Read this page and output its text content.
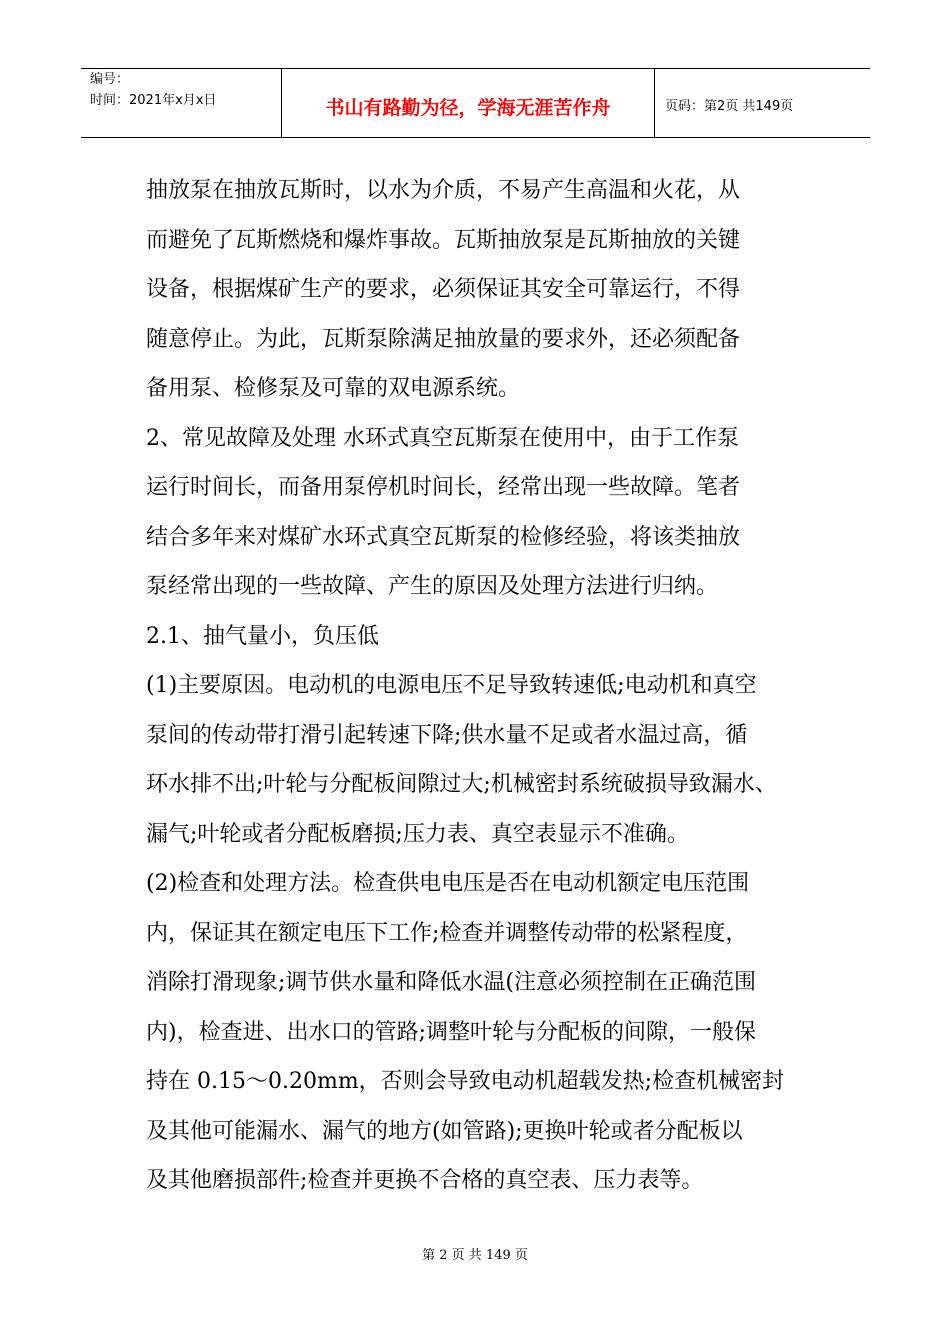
编号：
时间：2021年x月x日	书山有路勤为径，学海无涯苦作舟	页码：第2页 共149页

抽放泵在抽放瓦斯时，以水为介质，不易产生高温和火花，从

而避免了瓦斯燃烧和爆炸事故。瓦斯抽放泵是瓦斯抽放的关键

设备，根据煤矿生产的要求，必须保证其安全可靠运行，不得

随意停止。为此，瓦斯泵除满足抽放量的要求外，还必须配备

备用泵、检修泵及可靠的双电源系统。

2、常见故障及处理 水环式真空瓦斯泵在使用中，由于工作泵

运行时间长，而备用泵停机时间长，经常出现一些故障。笔者

结合多年来对煤矿水环式真空瓦斯泵的检修经验，将该类抽放

泵经常出现的一些故障、产生的原因及处理方法进行归纳。

2.1、抽气量小，负压低

(1)主要原因。电动机的电源电压不足导致转速低;电动机和真空

泵间的传动带打滑引起转速下降;供水量不足或者水温过高，循

环水排不出;叶轮与分配板间隙过大;机械密封系统破损导致漏水、

漏气;叶轮或者分配板磨损;压力表、真空表显示不准确。

(2)检查和处理方法。检查供电电压是否在电动机额定电压范围

内，保证其在额定电压下工作;检查并调整传动带的松紧程度，

消除打滑现象;调节供水量和降低水温(注意必须控制在正确范围

内)，检查进、出水口的管路;调整叶轮与分配板的间隙，一般保

持在 0.15～0.20mm，否则会导致电动机超载发热;检查机械密封

及其他可能漏水、漏气的地方(如管路);更换叶轮或者分配板以

及其他磨损部件;检查并更换不合格的真空表、压力表等。

第 2 页 共 149 页
